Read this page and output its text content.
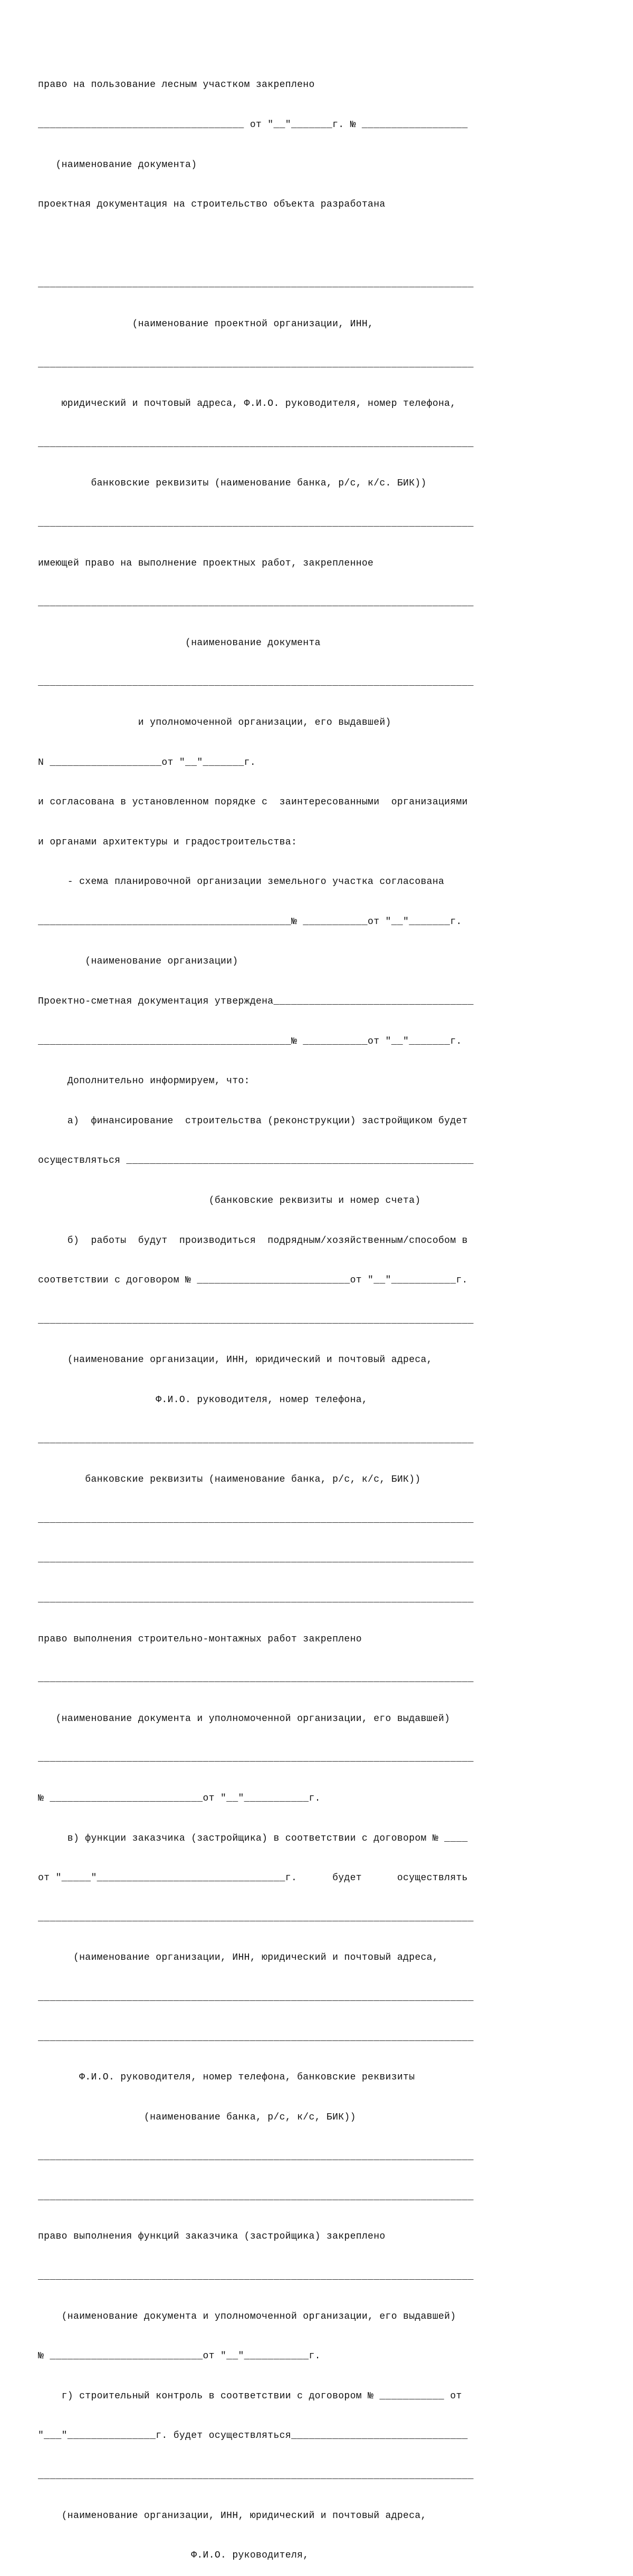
право на пользование лесным участком закреплено

___________________________________ от "__"_______г. № __________________

(наименование документа)

проектная документация на строительство объекта разработана

__________________________________________________________________________

(наименование проектной организации, ИНН,

__________________________________________________________________________

юридический и почтовый адреса, Ф.И.О. руководителя, номер телефона,

__________________________________________________________________________

банковские реквизиты (наименование банка, р/с, к/с. БИК))

__________________________________________________________________________

имеющей право на выполнение проектных работ, закрепленное

__________________________________________________________________________

(наименование документа

__________________________________________________________________________

и уполномоченной организации, его выдавшей)

N ___________________от "__"_______г.

и согласована в установленном порядке с  заинтересованными  организациями

и органами архитектуры и градостроительства:

- схема планировочной организации земельного участка согласована

___________________________________________№ ___________от "__"_______г.

(наименование организации)

Проектно-сметная документация утверждена__________________________________

___________________________________________№ ___________от "__"_______г.

Дополнительно информируем, что:

а)  финансирование  строительства (реконструкции) застройщиком будет

осуществляться ___________________________________________________________

(банковские реквизиты и номер счета)

б)  работы  будут  производиться  подрядным/хозяйственным/способом в

соответствии с договором № __________________________от "__"___________г.

__________________________________________________________________________

(наименование организации, ИНН, юридический и почтовый адреса,

Ф.И.О. руководителя, номер телефона,

__________________________________________________________________________

банковские реквизиты (наименование банка, р/с, к/с, БИК))

__________________________________________________________________________

__________________________________________________________________________

__________________________________________________________________________

право выполнения строительно-монтажных работ закреплено

__________________________________________________________________________

(наименование документа и уполномоченной организации, его выдавшей)

__________________________________________________________________________

№ __________________________от "__"___________г.

в) функции заказчика (застройщика) в соответствии с договором № ____

от "_____"________________________________г.      будет      осуществлять

__________________________________________________________________________

(наименование организации, ИНН, юридический и почтовый адреса,

__________________________________________________________________________

__________________________________________________________________________

Ф.И.О. руководителя, номер телефона, банковские реквизиты

(наименование банка, р/с, к/с, БИК))

__________________________________________________________________________

__________________________________________________________________________

право выполнения функций заказчика (застройщика) закреплено

__________________________________________________________________________

(наименование документа и уполномоченной организации, его выдавшей)

№ __________________________от "__"___________г.

г) строительный контроль в соответствии с договором № ___________ от

"___"_______________г. будет осуществляться______________________________

__________________________________________________________________________

(наименование организации, ИНН, юридический и почтовый адреса,

Ф.И.О. руководителя,
